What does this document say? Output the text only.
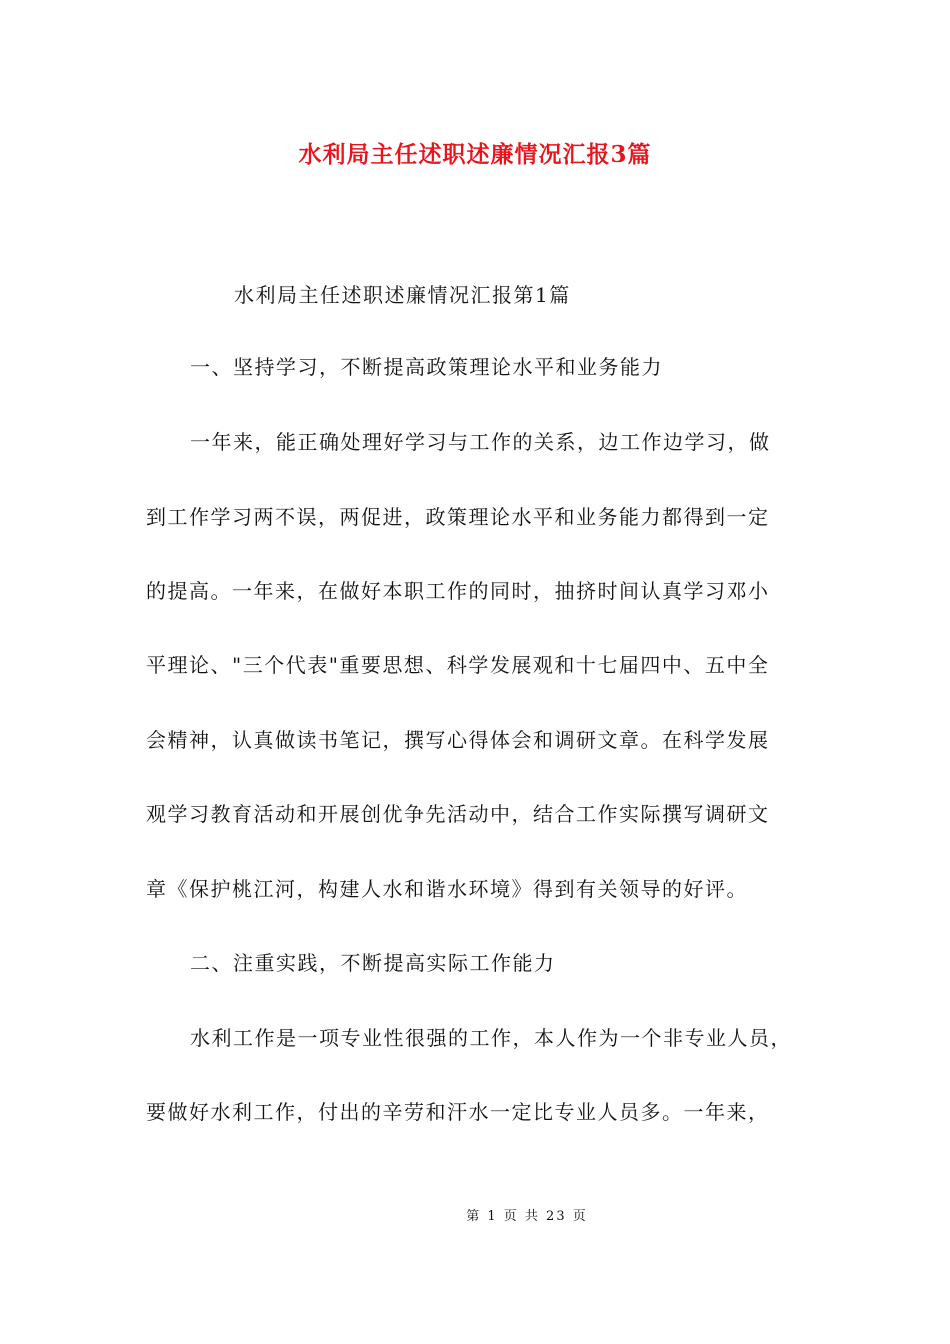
水利局主任述职述廉情况汇报3篇
水利局主任述职述廉情况汇报第1篇
一、坚持学习，不断提高政策理论水平和业务能力
一年来，能正确处理好学习与工作的关系，边工作边学习，做
到工作学习两不误，两促进，政策理论水平和业务能力都得到一定
的提高。一年来，在做好本职工作的同时，抽挤时间认真学习邓小
平理论、"三个代表"重要思想、科学发展观和十七届四中、五中全
会精神，认真做读书笔记，撰写心得体会和调研文章。在科学发展
观学习教育活动和开展创优争先活动中，结合工作实际撰写调研文
章《保护桃江河，构建人水和谐水环境》得到有关领导的好评。
二、注重实践，不断提高实际工作能力
水利工作是一项专业性很强的工作，本人作为一个非专业人员，
要做好水利工作，付出的辛劳和汗水一定比专业人员多。一年来，
第 1 页 共 23 页
